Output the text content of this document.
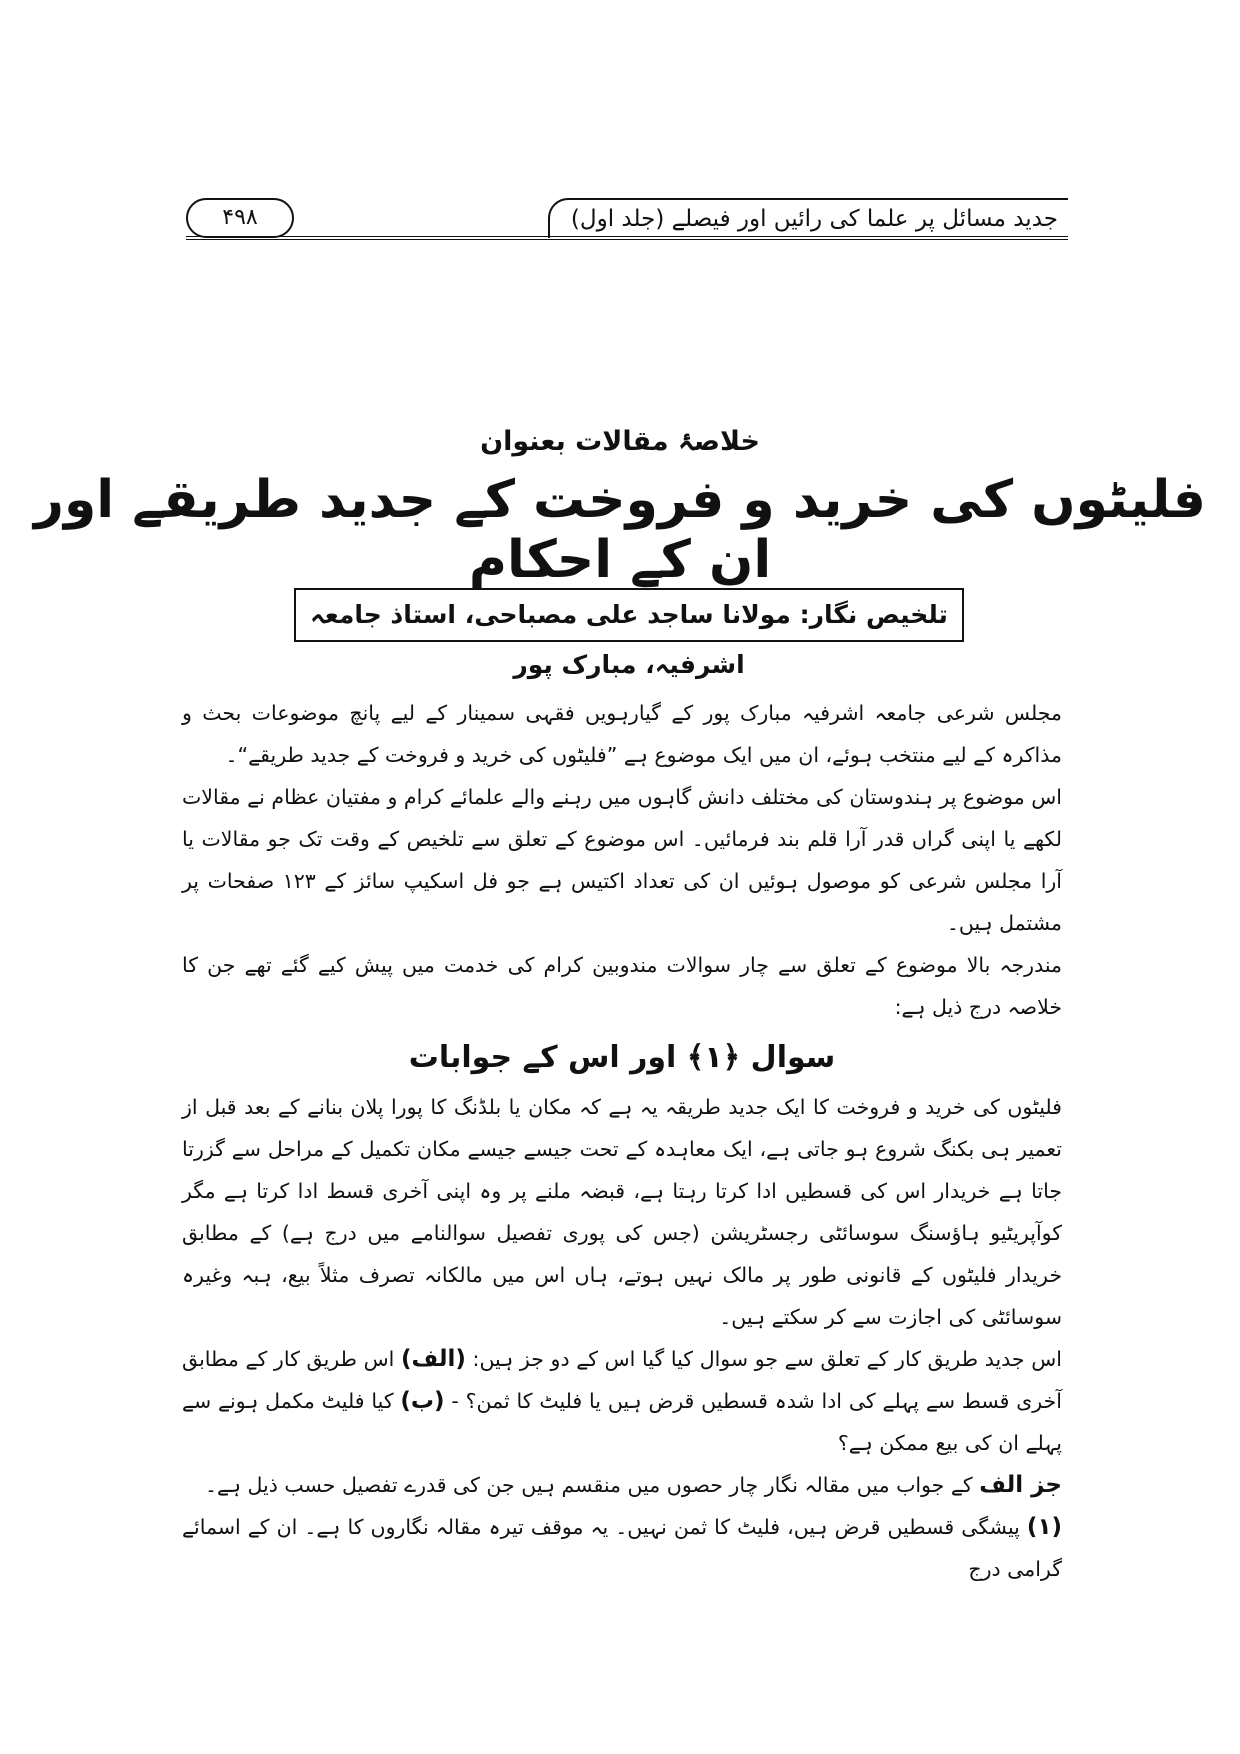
جدید مسائل پر علما کی رائیں اور فیصلے (جلد اول)
۴۹۸
خلاصۂ مقالات بعنوان
فلیٹوں کی خرید و فروخت کے جدید طریقے اور ان کے احکام
تلخیص نگار: مولانا ساجد علی مصباحی، استاذ جامعہ اشرفیہ، مبارک پور

مجلس شرعی جامعہ اشرفیہ مبارک پور کے گیارہویں فقہی سمینار کے لیے پانچ موضوعات بحث و مذاکرہ کے لیے منتخب ہوئے، ان میں ایک موضوع ہے ”فلیٹوں کی خرید و فروخت کے جدید طریقے“۔

اس موضوع پر ہندوستان کی مختلف دانش گاہوں میں رہنے والے علمائے کرام و مفتیان عظام نے مقالات لکھے یا اپنی گراں قدر آرا قلم بند فرمائیں۔ اس موضوع کے تعلق سے تلخیص کے وقت تک جو مقالات یا آرا مجلس شرعی کو موصول ہوئیں ان کی تعداد اکتیس ہے جو فل اسکیپ سائز کے ۱۲۳ صفحات پر مشتمل ہیں۔

مندرجہ بالا موضوع کے تعلق سے چار سوالات مندوبین کرام کی خدمت میں پیش کیے گئے تھے جن کا خلاصہ درج ذیل ہے:

سوال ﴿۱﴾ اور اس کے جوابات

فلیٹوں کی خرید و فروخت کا ایک جدید طریقہ یہ ہے کہ مکان یا بلڈنگ کا پورا پلان بنانے کے بعد قبل از تعمیر ہی بکنگ شروع ہو جاتی ہے، ایک معاہدہ کے تحت جیسے جیسے مکان تکمیل کے مراحل سے گزرتا جاتا ہے خریدار اس کی قسطیں ادا کرتا رہتا ہے، قبضہ ملنے پر وہ اپنی آخری قسط ادا کرتا ہے مگر کوآپریٹیو ہاؤسنگ سوسائٹی رجسٹریشن (جس کی پوری تفصیل سوالنامے میں درج ہے) کے مطابق خریدار فلیٹوں کے قانونی طور پر مالک نہیں ہوتے، ہاں اس میں مالکانہ تصرف مثلاً بیع، ہبہ وغیرہ سوسائٹی کی اجازت سے کر سکتے ہیں۔

اس جدید طریق کار کے تعلق سے جو سوال کیا گیا اس کے دو جز ہیں: (الف) اس طریق کار کے مطابق آخری قسط سے پہلے کی ادا شدہ قسطیں قرض ہیں یا فلیٹ کا ثمن؟ - (ب) کیا فلیٹ مکمل ہونے سے پہلے ان کی بیع ممکن ہے؟

جز الف کے جواب میں مقالہ نگار چار حصوں میں منقسم ہیں جن کی قدرے تفصیل حسب ذیل ہے۔

(۱) پیشگی قسطیں قرض ہیں، فلیٹ کا ثمن نہیں۔ یہ موقف تیرہ مقالہ نگاروں کا ہے۔ ان کے اسمائے گرامی درج
